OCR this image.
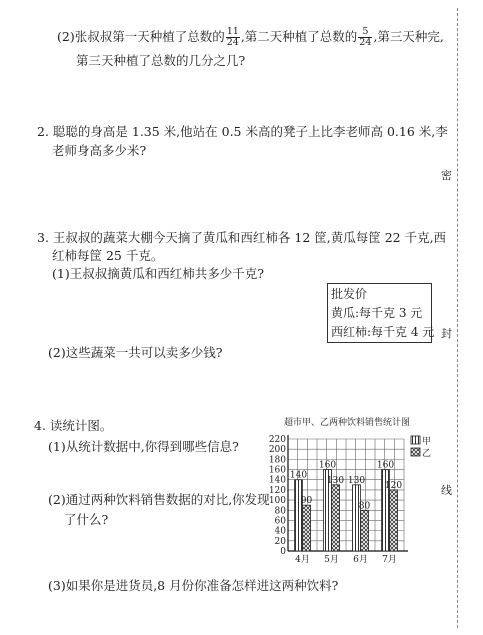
(2)张叔叔第一天种植了总数的 $\frac{11}{24}$ ,第二天种植了总数的 $\frac{5}{24}$ ,第三天种完,
第三天种植了总数的几分之几?
2. 聪聪的身高是 1.35 米,他站在 0.5 米高的凳子上比李老师高 0.16 米,李
老师身高多少米?
3. 王叔叔的蔬菜大棚今天摘了黄瓜和西红柿各 12 筐,黄瓜每筐 22 千克,西
红柿每筐 25 千克。
(1)王叔叔摘黄瓜和西红柿共多少千克?
批发价
黄瓜:每千克 3 元
西红柿:每千克 4 元
(2)这些蔬菜一共可以卖多少钱?
4. 读统计图。
(1)从统计数据中,你得到哪些信息?
(2)通过两种饮料销售数据的对比,你发现
了什么?
(3)如果你是进货员,8 月份你准备怎样进这两种饮料?
超市甲、乙两种饮料销售统计图
0
20
40
60
80
100
120
140
160
180
200
220
140
90
4月
160
130
5月
130
80
6月
160
120
7月
甲
乙
密
封
线
